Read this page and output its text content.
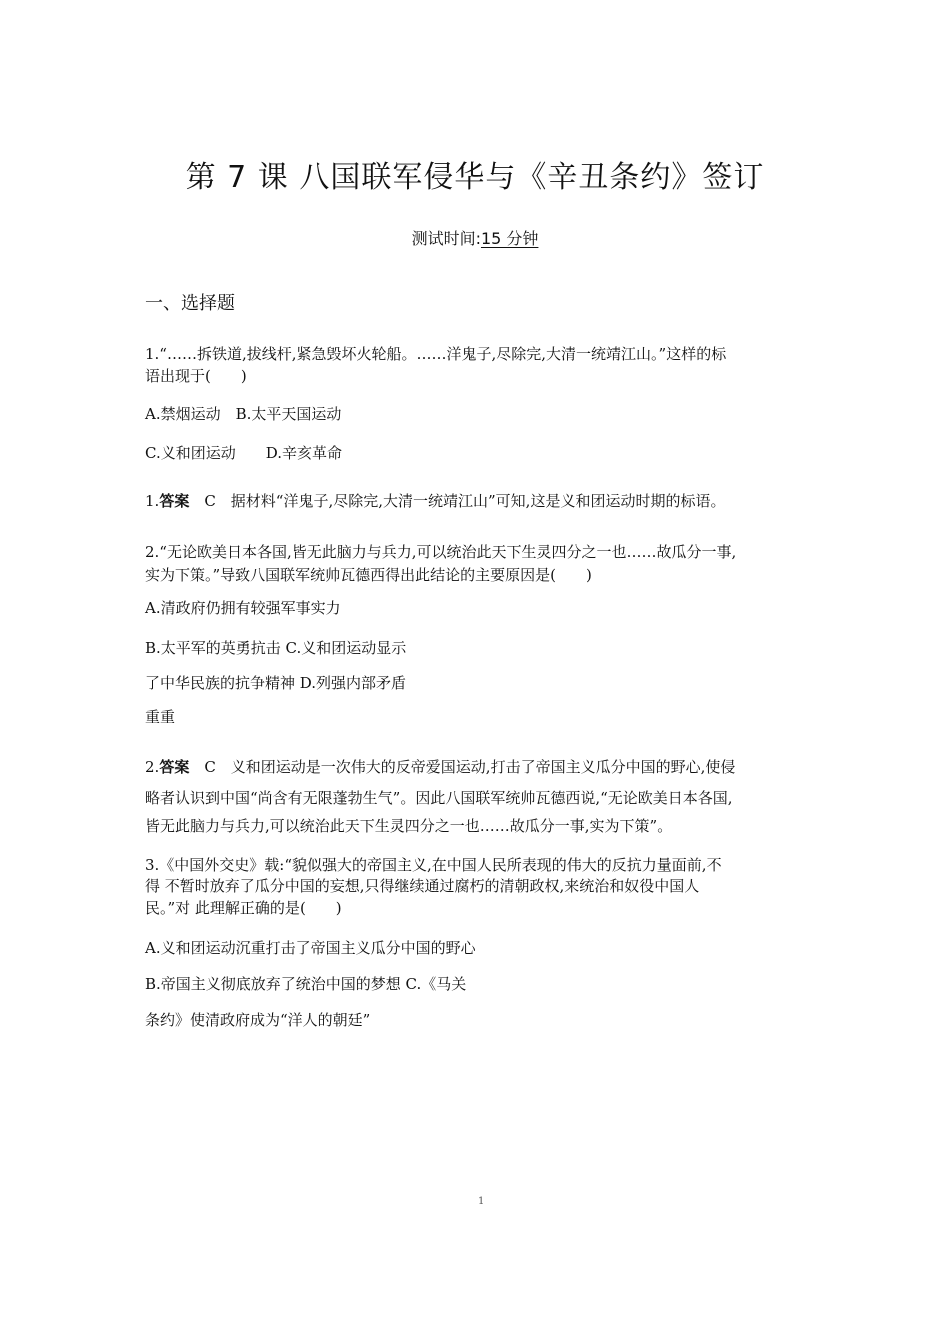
第 7 课 八国联军侵华与《辛丑条约》签订
测试时间:15 分钟
一、选择题
1.“……拆铁道,拔线杆,紧急毁坏火轮船。……洋鬼子,尽除完,大清一统靖江山。”这样的标
语出现于(　　)
A.禁烟运动　B.太平天国运动
C.义和团运动　　D.辛亥革命
1.答案　C　据材料“洋鬼子,尽除完,大清一统靖江山”可知,这是义和团运动时期的标语。
2.“无论欧美日本各国,皆无此脑力与兵力,可以统治此天下生灵四分之一也……故瓜分一事,
实为下策。”导致八国联军统帅瓦德西得出此结论的主要原因是(　　)
A.清政府仍拥有较强军事实力
B.太平军的英勇抗击 C.义和团运动显示
了中华民族的抗争精神 D.列强内部矛盾
重重
2.答案　C　义和团运动是一次伟大的反帝爱国运动,打击了帝国主义瓜分中国的野心,使侵
略者认识到中国“尚含有无限蓬勃生气”。因此八国联军统帅瓦德西说,“无论欧美日本各国,
皆无此脑力与兵力,可以统治此天下生灵四分之一也……故瓜分一事,实为下策”。
3.《中国外交史》载:“貌似强大的帝国主义,在中国人民所表现的伟大的反抗力量面前,不
得 不暂时放弃了瓜分中国的妄想,只得继续通过腐朽的清朝政权,来统治和奴役中国人
民。”对 此理解正确的是(　　)
A.义和团运动沉重打击了帝国主义瓜分中国的野心
B.帝国主义彻底放弃了统治中国的梦想 C.《马关
条约》使清政府成为“洋人的朝廷”
1
